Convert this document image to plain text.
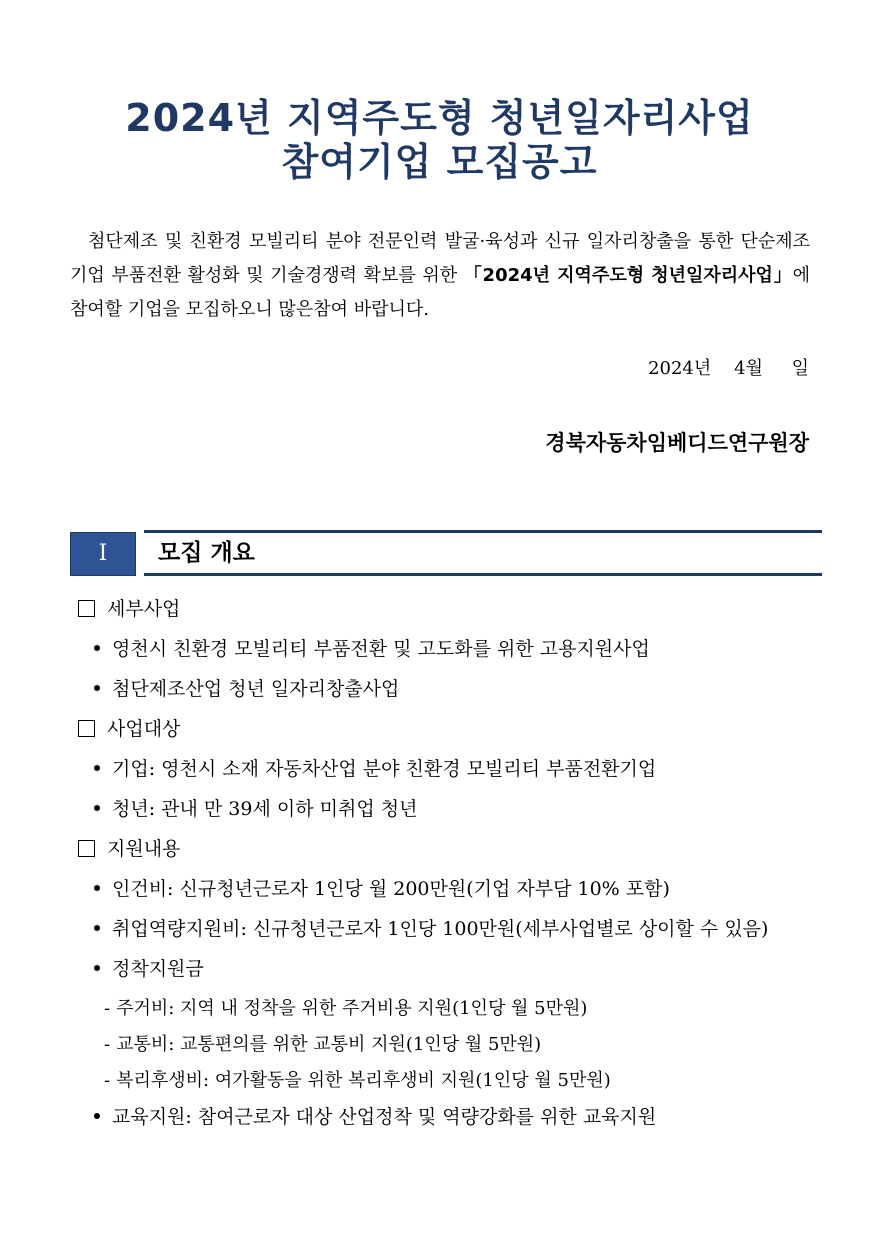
2024년 지역주도형 청년일자리사업
참여기업 모집공고
첨단제조 및 친환경 모빌리티 분야 전문인력 발굴·육성과 신규 일자리창출을 통한 단순제조기업 부품전환 활성화 및 기술경쟁력 확보를 위한 「2024년 지역주도형 청년일자리사업」에 참여할 기업을 모집하오니 많은참여 바랍니다.
2024년    4월     일
경북자동차임베디드연구원장
I	모집 개요
세부사업
영천시 친환경 모빌리티 부품전환 및 고도화를 위한 고용지원사업
첨단제조산업 청년 일자리창출사업
사업대상
기업: 영천시 소재 자동차산업 분야 친환경 모빌리티 부품전환기업
청년: 관내 만 39세 이하 미취업 청년
지원내용
인건비: 신규청년근로자 1인당 월 200만원(기업 자부담 10% 포함)
취업역량지원비: 신규청년근로자 1인당 100만원(세부사업별로 상이할 수 있음)
정착지원금
- 주거비: 지역 내 정착을 위한 주거비용 지원(1인당 월 5만원)
- 교통비: 교통편의를 위한 교통비 지원(1인당 월 5만원)
- 복리후생비: 여가활동을 위한 복리후생비 지원(1인당 월 5만원)
교육지원: 참여근로자 대상 산업정착 및 역량강화를 위한 교육지원
